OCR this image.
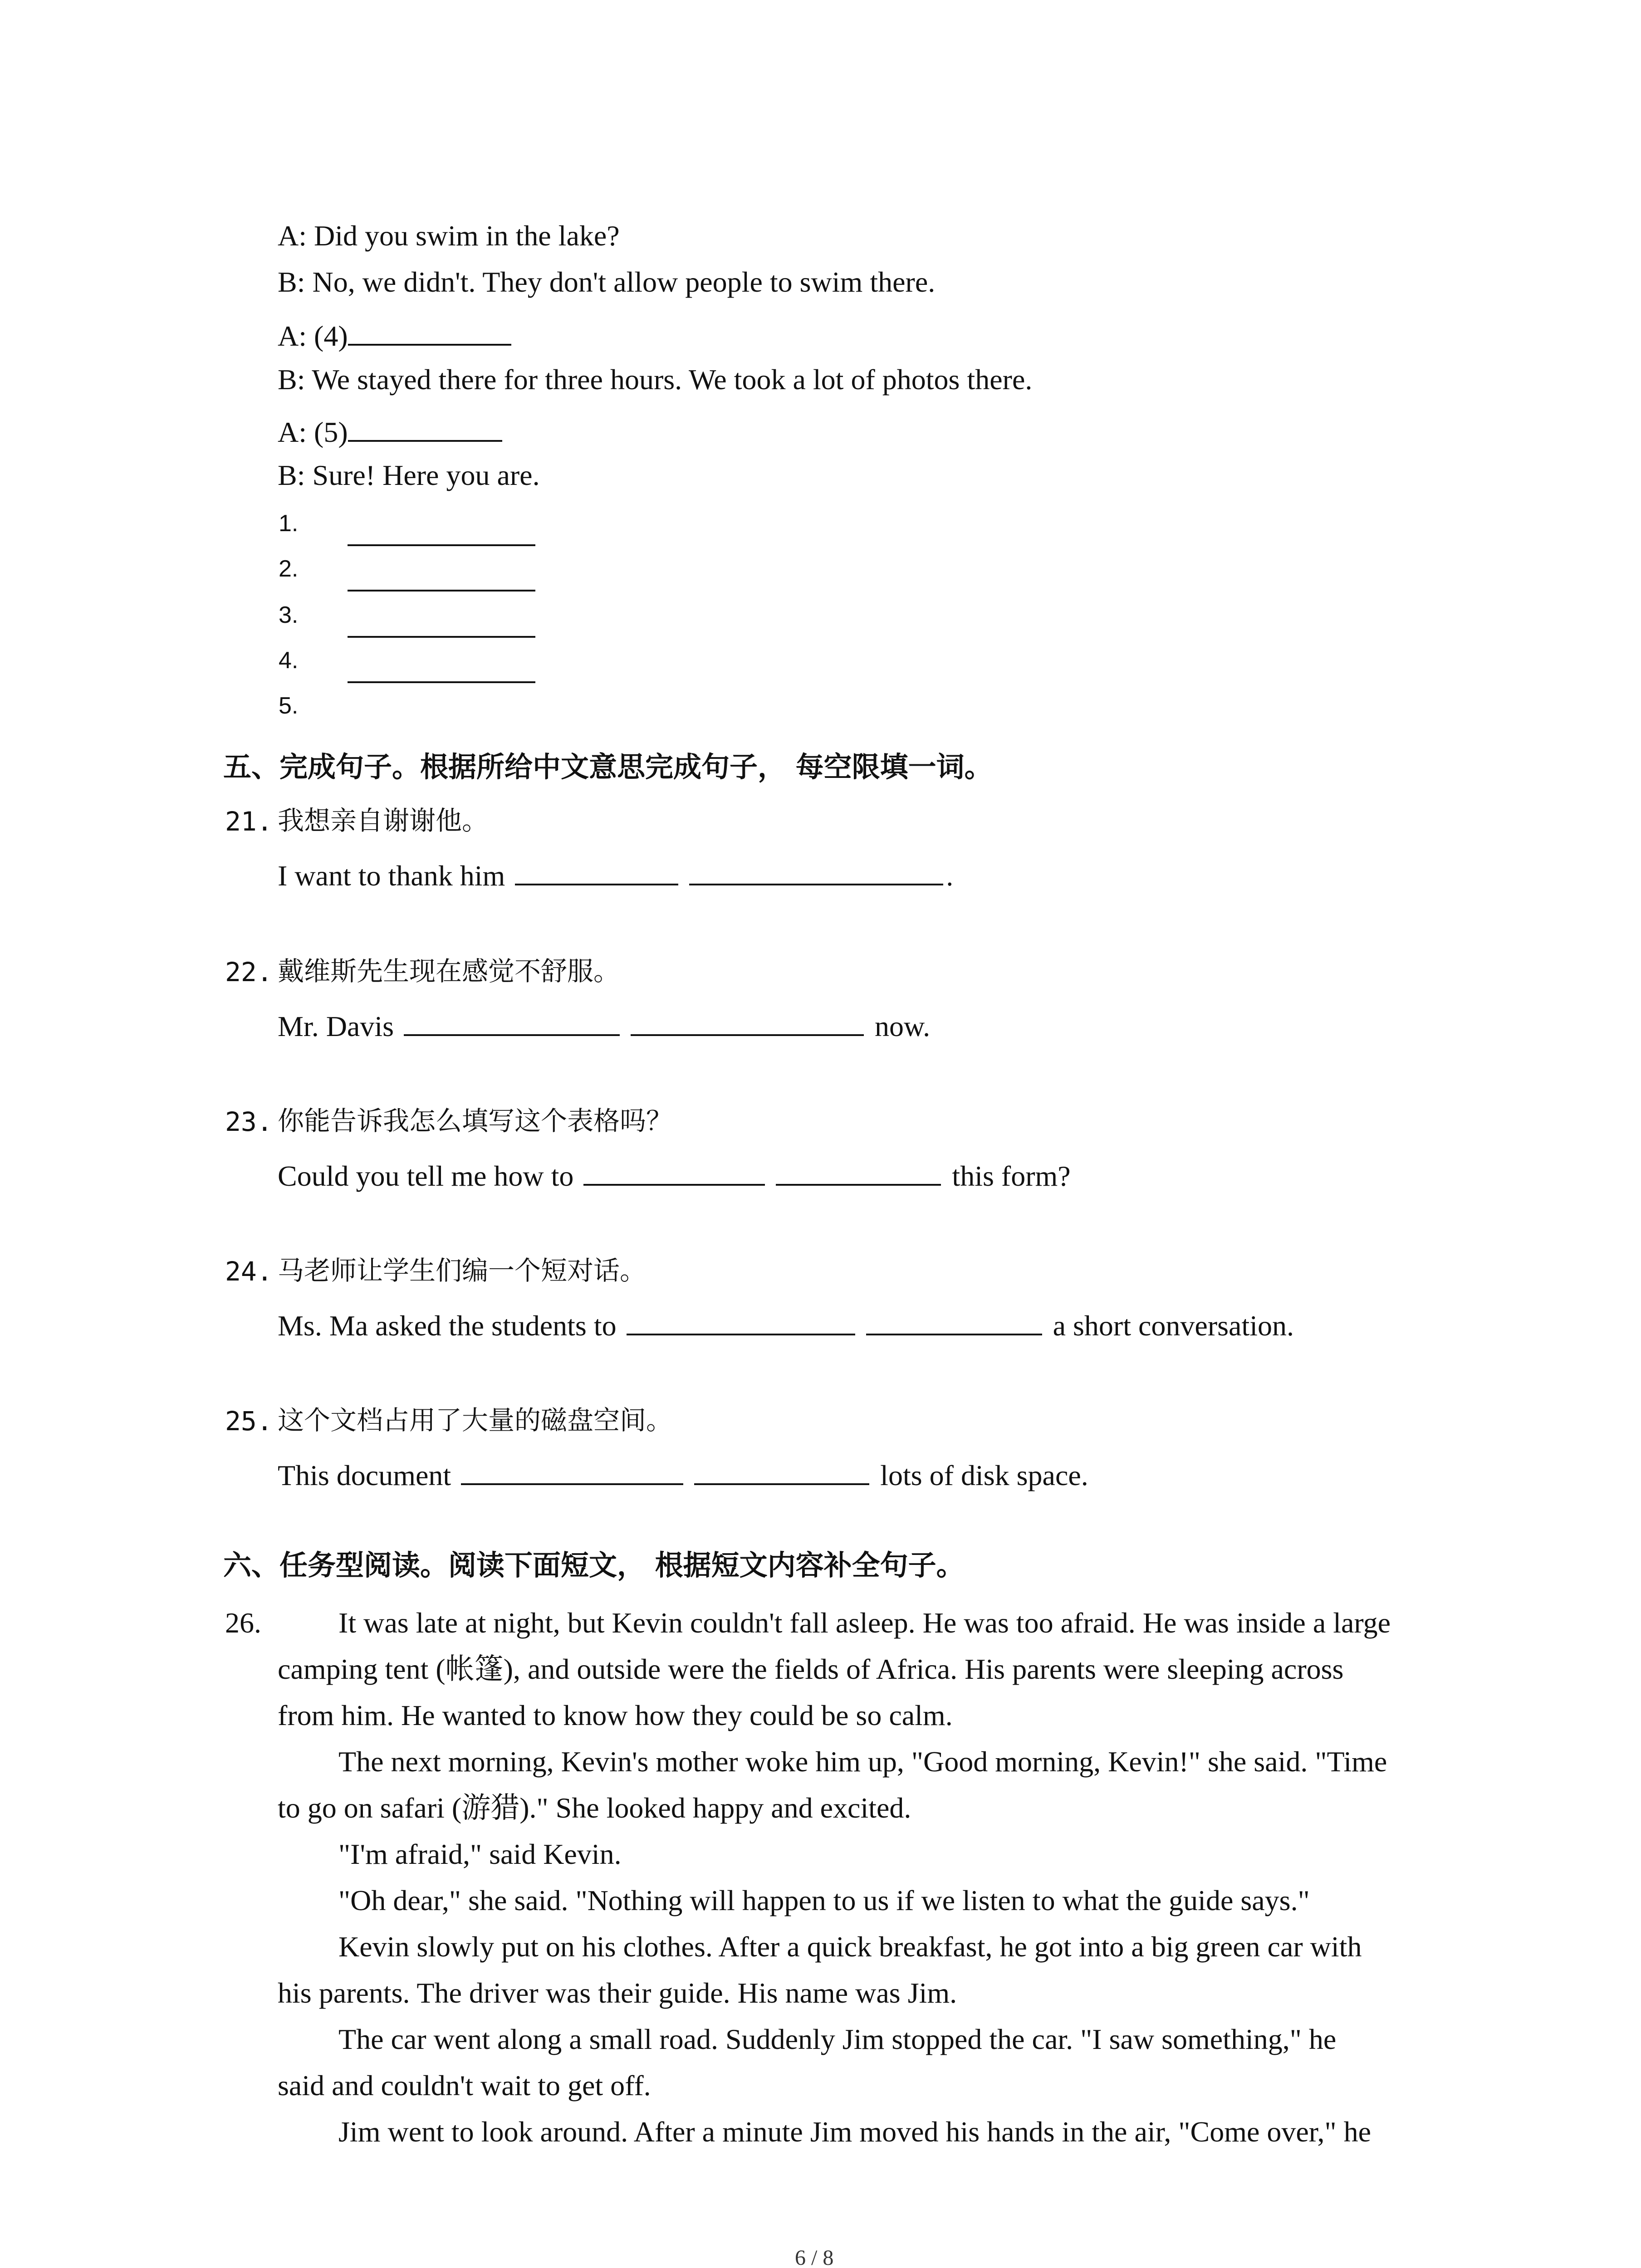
A: Did you swim in the lake?
B: No, we didn't. They don't allow people to swim there.
A: (4)
B: We stayed there for three hours. We took a lot of photos there.
A: (5)
B: Sure! Here you are.
1.
2.
3.
4.
5.
五、完成句子。根据所给中文意思完成句子， 每空限填一词。
21. 我想亲自谢谢他。
I want to thank him	.
22. 戴维斯先生现在感觉不舒服。
Mr. Davis	now.
23. 你能告诉我怎么填写这个表格吗？
Could you tell me how to	this form?
24. 马老师让学生们编一个短对话。
Ms. Ma asked the students to	a short conversation.
25. 这个文档占用了大量的磁盘空间。
This document	lots of disk space.
六、任务型阅读。阅读下面短文， 根据短文内容补全句子。
26.	It was late at night, but Kevin couldn't fall asleep. He was too afraid. He was inside a large
camping tent (帐篷), and outside were the fields of Africa. His parents were sleeping across
from him. He wanted to know how they could be so calm.
The next morning, Kevin's mother woke him up, "Good morning, Kevin!" she said. "Time
to go on safari (游猎)." She looked happy and excited.
"I'm afraid," said Kevin.
"Oh dear," she said. "Nothing will happen to us if we listen to what the guide says."
Kevin slowly put on his clothes. After a quick breakfast, he got into a big green car with
his parents. The driver was their guide. His name was Jim.
The car went along a small road. Suddenly Jim stopped the car. "I saw something," he
said and couldn't wait to get off.
Jim went to look around. After a minute Jim moved his hands in the air, "Come over," he
6 / 8
